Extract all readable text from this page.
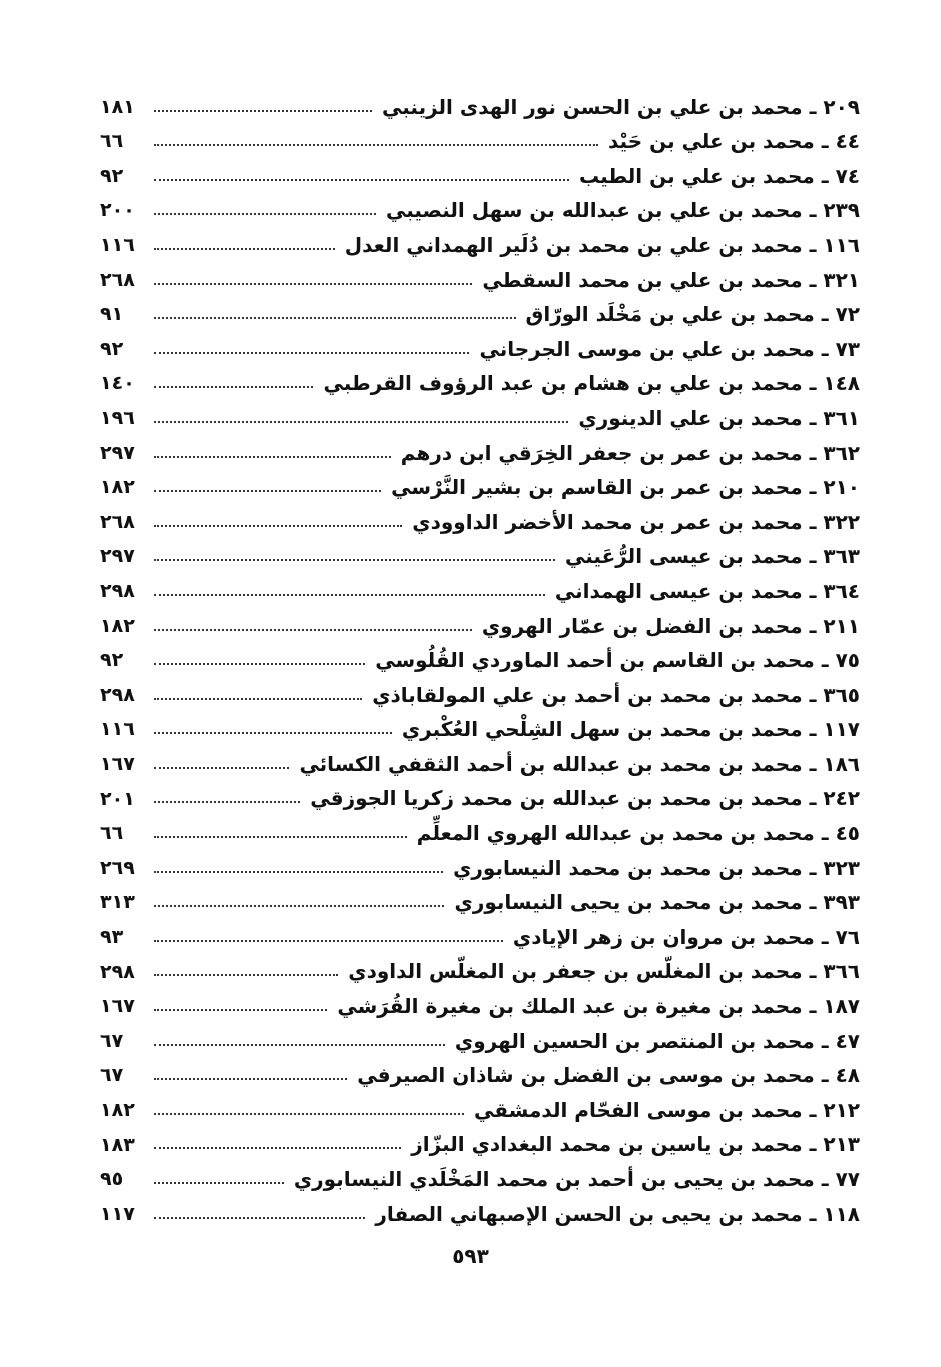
٢٠٩ ـ محمد بن علي بن الحسن نور الهدى الزينبي
١٨١
٤٤ ـ محمد بن علي بن حَيْد
٦٦
٧٤ ـ محمد بن علي بن الطيب
٩٢
٢٣٩ ـ محمد بن علي بن عبدالله بن سهل النصيبي
٢٠٠
١١٦ ـ محمد بن علي بن محمد بن دُلَير الهمداني العدل
١١٦
٣٢١ ـ محمد بن علي بن محمد السقطي
٢٦٨
٧٢ ـ محمد بن علي بن مَخْلَد الورّاق
٩١
٧٣ ـ محمد بن علي بن موسى الجرجاني
٩٢
١٤٨ ـ محمد بن علي بن هشام بن عبد الرؤوف القرطبي
١٤٠
٣٦١ ـ محمد بن علي الدينوري
١٩٦
٣٦٢ ـ محمد بن عمر بن جعفر الخِرَقي ابن درهم
٢٩٧
٢١٠ ـ محمد بن عمر بن القاسم بن بشير النَّرْسي
١٨٢
٣٢٢ ـ محمد بن عمر بن محمد الأخضر الداوودي
٢٦٨
٣٦٣ ـ محمد بن عيسى الرُّعَيني
٢٩٧
٣٦٤ ـ محمد بن عيسى الهمداني
٢٩٨
٢١١ ـ محمد بن الفضل بن عمّار الهروي
١٨٢
٧٥ ـ محمد بن القاسم بن أحمد الماوردي القُلُوسي
٩٢
٣٦٥ ـ محمد بن محمد بن أحمد بن علي المولقاباذي
٢٩٨
١١٧ ـ محمد بن محمد بن سهل الشِلْحي العُكْبري
١١٦
١٨٦ ـ محمد بن محمد بن عبدالله بن أحمد الثقفي الكسائي
١٦٧
٢٤٢ ـ محمد بن محمد بن عبدالله بن محمد زكريا الجوزقي
٢٠١
٤٥ ـ محمد بن محمد بن عبدالله الهروي المعلِّم
٦٦
٣٢٣ ـ محمد بن محمد بن محمد النيسابوري
٢٦٩
٣٩٣ ـ محمد بن محمد بن يحيى النيسابوري
٣١٣
٧٦ ـ محمد بن مروان بن زهر الإيادي
٩٣
٣٦٦ ـ محمد بن المغلّس بن جعفر بن المغلّس الداودي
٢٩٨
١٨٧ ـ محمد بن مغيرة بن عبد الملك بن مغيرة القُرَشي
١٦٧
٤٧ ـ محمد بن المنتصر بن الحسين الهروي
٦٧
٤٨ ـ محمد بن موسى بن الفضل بن شاذان الصيرفي
٦٧
٢١٢ ـ محمد بن موسى الفحّام الدمشقي
١٨٢
٢١٣ ـ محمد بن ياسين بن محمد البغدادي البزّاز
١٨٣
٧٧ ـ محمد بن يحيى بن أحمد بن محمد المَخْلَدي النيسابوري
٩٥
١١٨ ـ محمد بن يحيى بن الحسن الإصبهاني الصفار
١١٧
٥٩٣
